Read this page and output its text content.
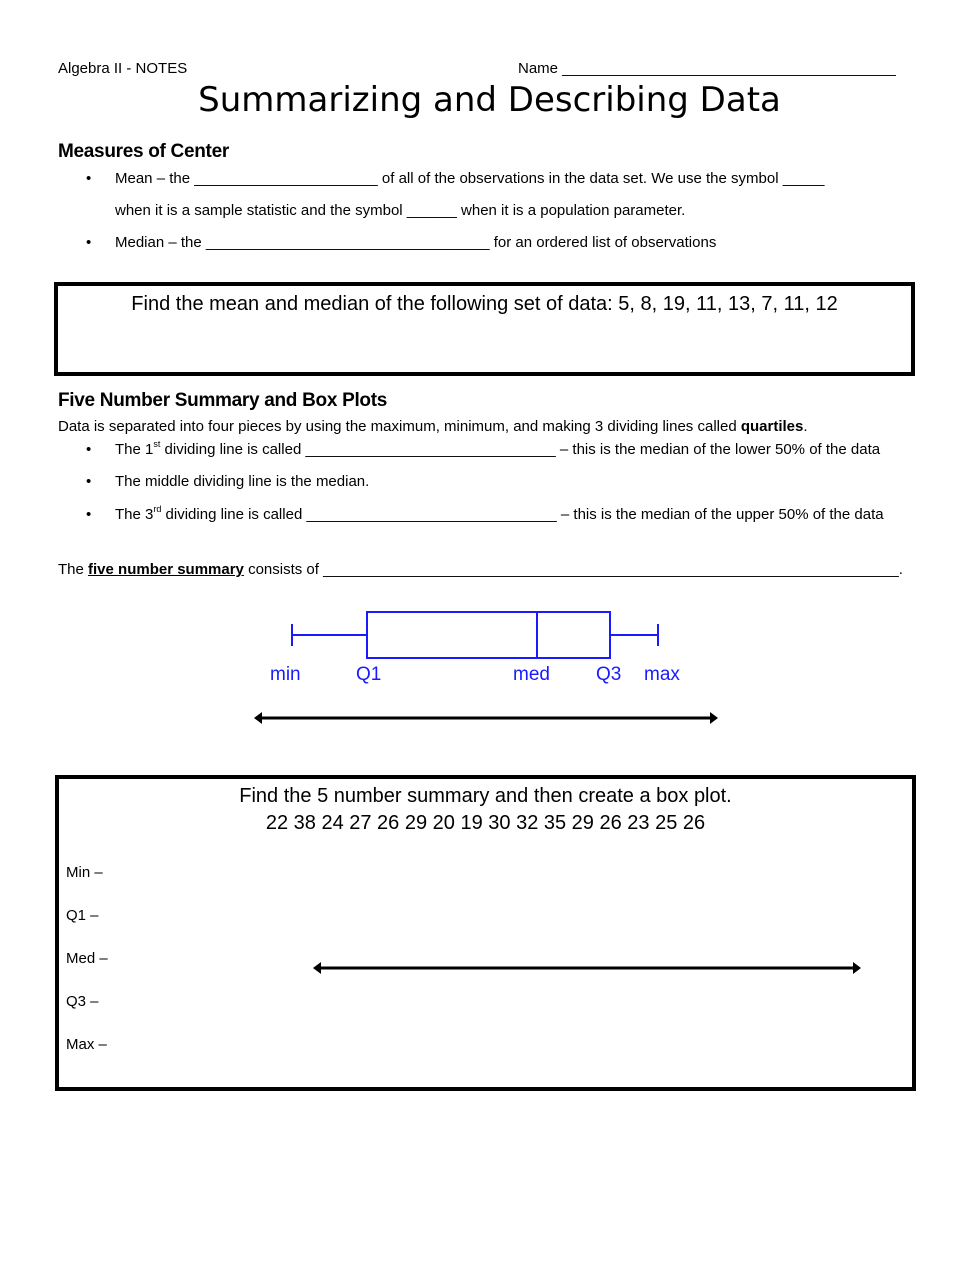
Algebra II - NOTES	Name ________________________________________
Summarizing and Describing Data
Measures of Center
• Mean – the ______________________ of all of the observations in the data set. We use the symbol _____
when it is a sample statistic and the symbol ______ when it is a population parameter.
• Median – the __________________________________ for an ordered list of observations
Find the mean and median of the following set of data: 5, 8, 19, 11, 13, 7, 11, 12
Five Number Summary and Box Plots
Data is separated into four pieces by using the maximum, minimum, and making 3 dividing lines called quartiles.
• The 1st dividing line is called ______________________________ – this is the median of the lower 50% of the data
• The middle dividing line is the median.
• The 3rd dividing line is called ______________________________ – this is the median of the upper 50% of the data
The five number summary consists of _____________________________________________________________________.
min	Q1	med Q3 max
Find the 5 number summary and then create a box plot.
22 38 24 27 26 29 20 19 30 32 35 29 26 23 25 26
Min –
Q1 –
Med –
Q3 –
Max –
